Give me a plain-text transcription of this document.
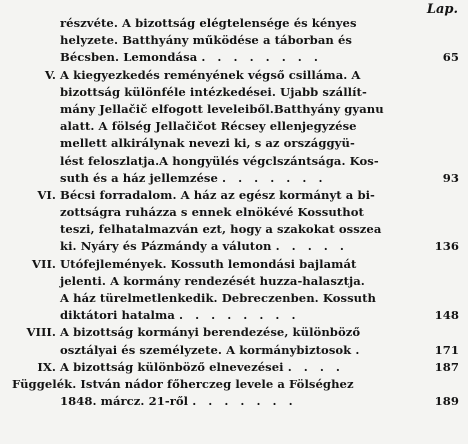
Lap.
részvéte. A bizottság elégtelensége és kényes
helyzete. Batthyány működése a táborban és
Bécsben. Lemondása . . . . . . . .	65
V. A kiegyezkedés reményének végső csillámа. A
bizottság különféle intézkedései. Ujabb szállít-
mány Jellačič elfogott leveleiből.Batthyány gyanu
alatt. A fölség Jellačičot Récsey ellenjegyzése
mellett alkirálynak nevezi ki, s az országgyü-
lést feloszlatja.A hongyülés végclszántsága. Kos-
suth és a ház jellemzése . . . . . . .	93
VI. Bécsi forradalom. A ház az egész kormányt a bi-
zottságra ruházza s ennek elnökévé Kossuthot
teszi, felhatalmazván ezt, hogy a szakokat osszea
ki. Nyáry és Pázmándy a váluton . . . . .	136
VII. Utófejlemények. Kossuth lemondási bajlamát
jelenti. A kormány rendezését huzza-halasztja.
A ház türelmetlenkedik. Debreczenben. Kossuth
diktátori hatalma . . . . . . . .	148
VIII. A bizottság kormányi berendezése, különböző
osztályai és személyzete. A kormánybiztosok .	171
IX. A bizottság különböző elnevezései . . . .	187
Függelék. István nádor főherczeg levele a Fölséghez
1848. márcz. 21-ről . . . . . . .	189
